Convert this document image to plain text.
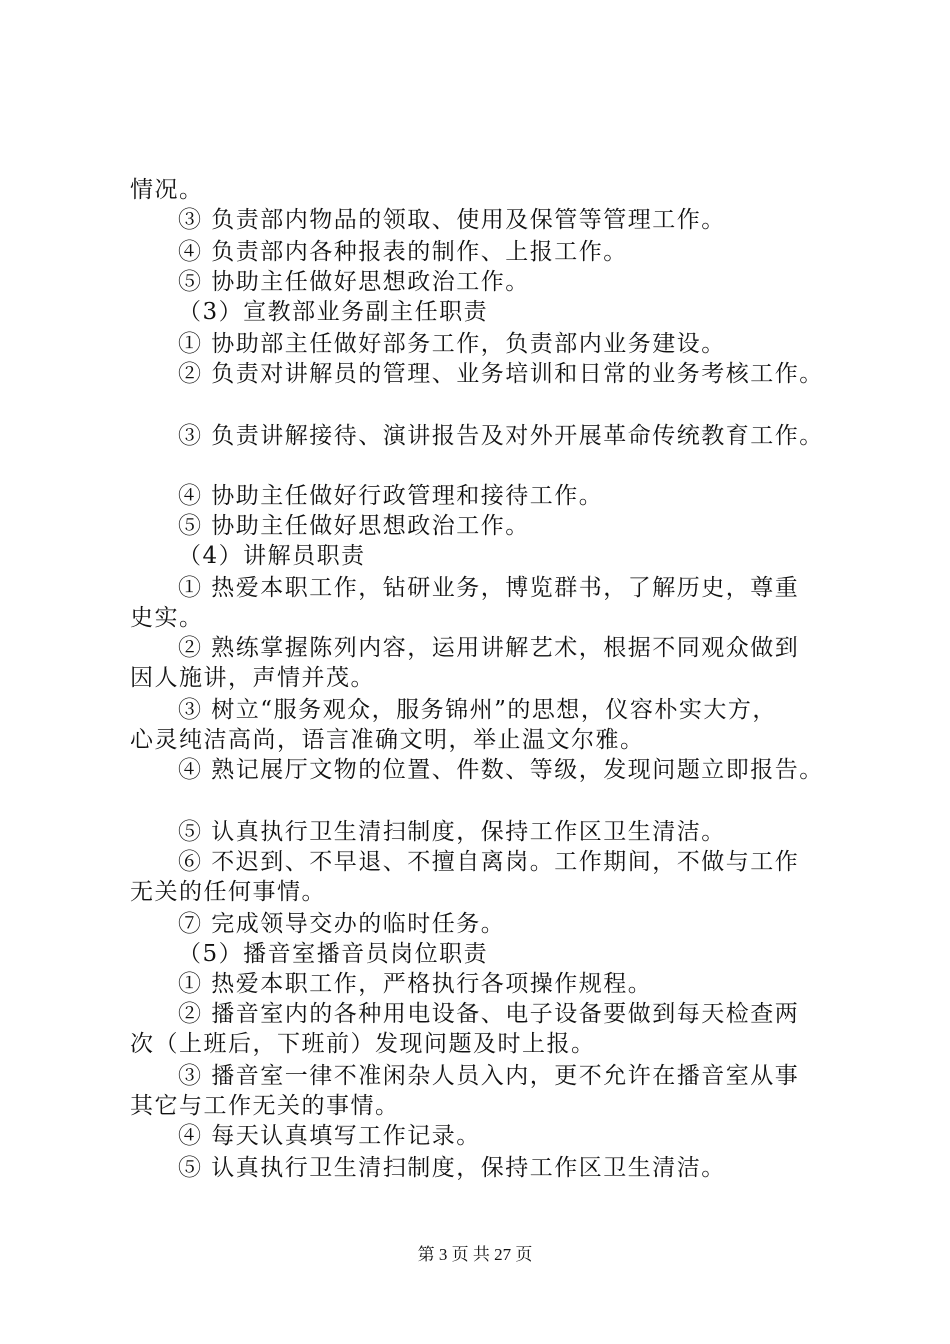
情况。
③ 负责部内物品的领取、使用及保管等管理工作。
④ 负责部内各种报表的制作、上报工作。
⑤ 协助主任做好思想政治工作。
（3）宣教部业务副主任职责
① 协助部主任做好部务工作，负责部内业务建设。
② 负责对讲解员的管理、业务培训和日常的业务考核工作。
③ 负责讲解接待、演讲报告及对外开展革命传统教育工作。
④ 协助主任做好行政管理和接待工作。
⑤ 协助主任做好思想政治工作。
（4）讲解员职责
① 热爱本职工作，钻研业务，博览群书，了解历史，尊重
史实。
② 熟练掌握陈列内容，运用讲解艺术，根据不同观众做到
因人施讲，声情并茂。
③ 树立“服务观众，服务锦州”的思想，仪容朴实大方，
心灵纯洁高尚，语言准确文明，举止温文尔雅。
④ 熟记展厅文物的位置、件数、等级，发现问题立即报告。
⑤ 认真执行卫生清扫制度，保持工作区卫生清洁。
⑥ 不迟到、不早退、不擅自离岗。工作期间，不做与工作
无关的任何事情。
⑦ 完成领导交办的临时任务。
（5）播音室播音员岗位职责
① 热爱本职工作，严格执行各项操作规程。
② 播音室内的各种用电设备、电子设备要做到每天检查两
次（上班后，下班前）发现问题及时上报。
③ 播音室一律不准闲杂人员入内，更不允许在播音室从事
其它与工作无关的事情。
④ 每天认真填写工作记录。
⑤ 认真执行卫生清扫制度，保持工作区卫生清洁。
第 3 页 共 27 页
